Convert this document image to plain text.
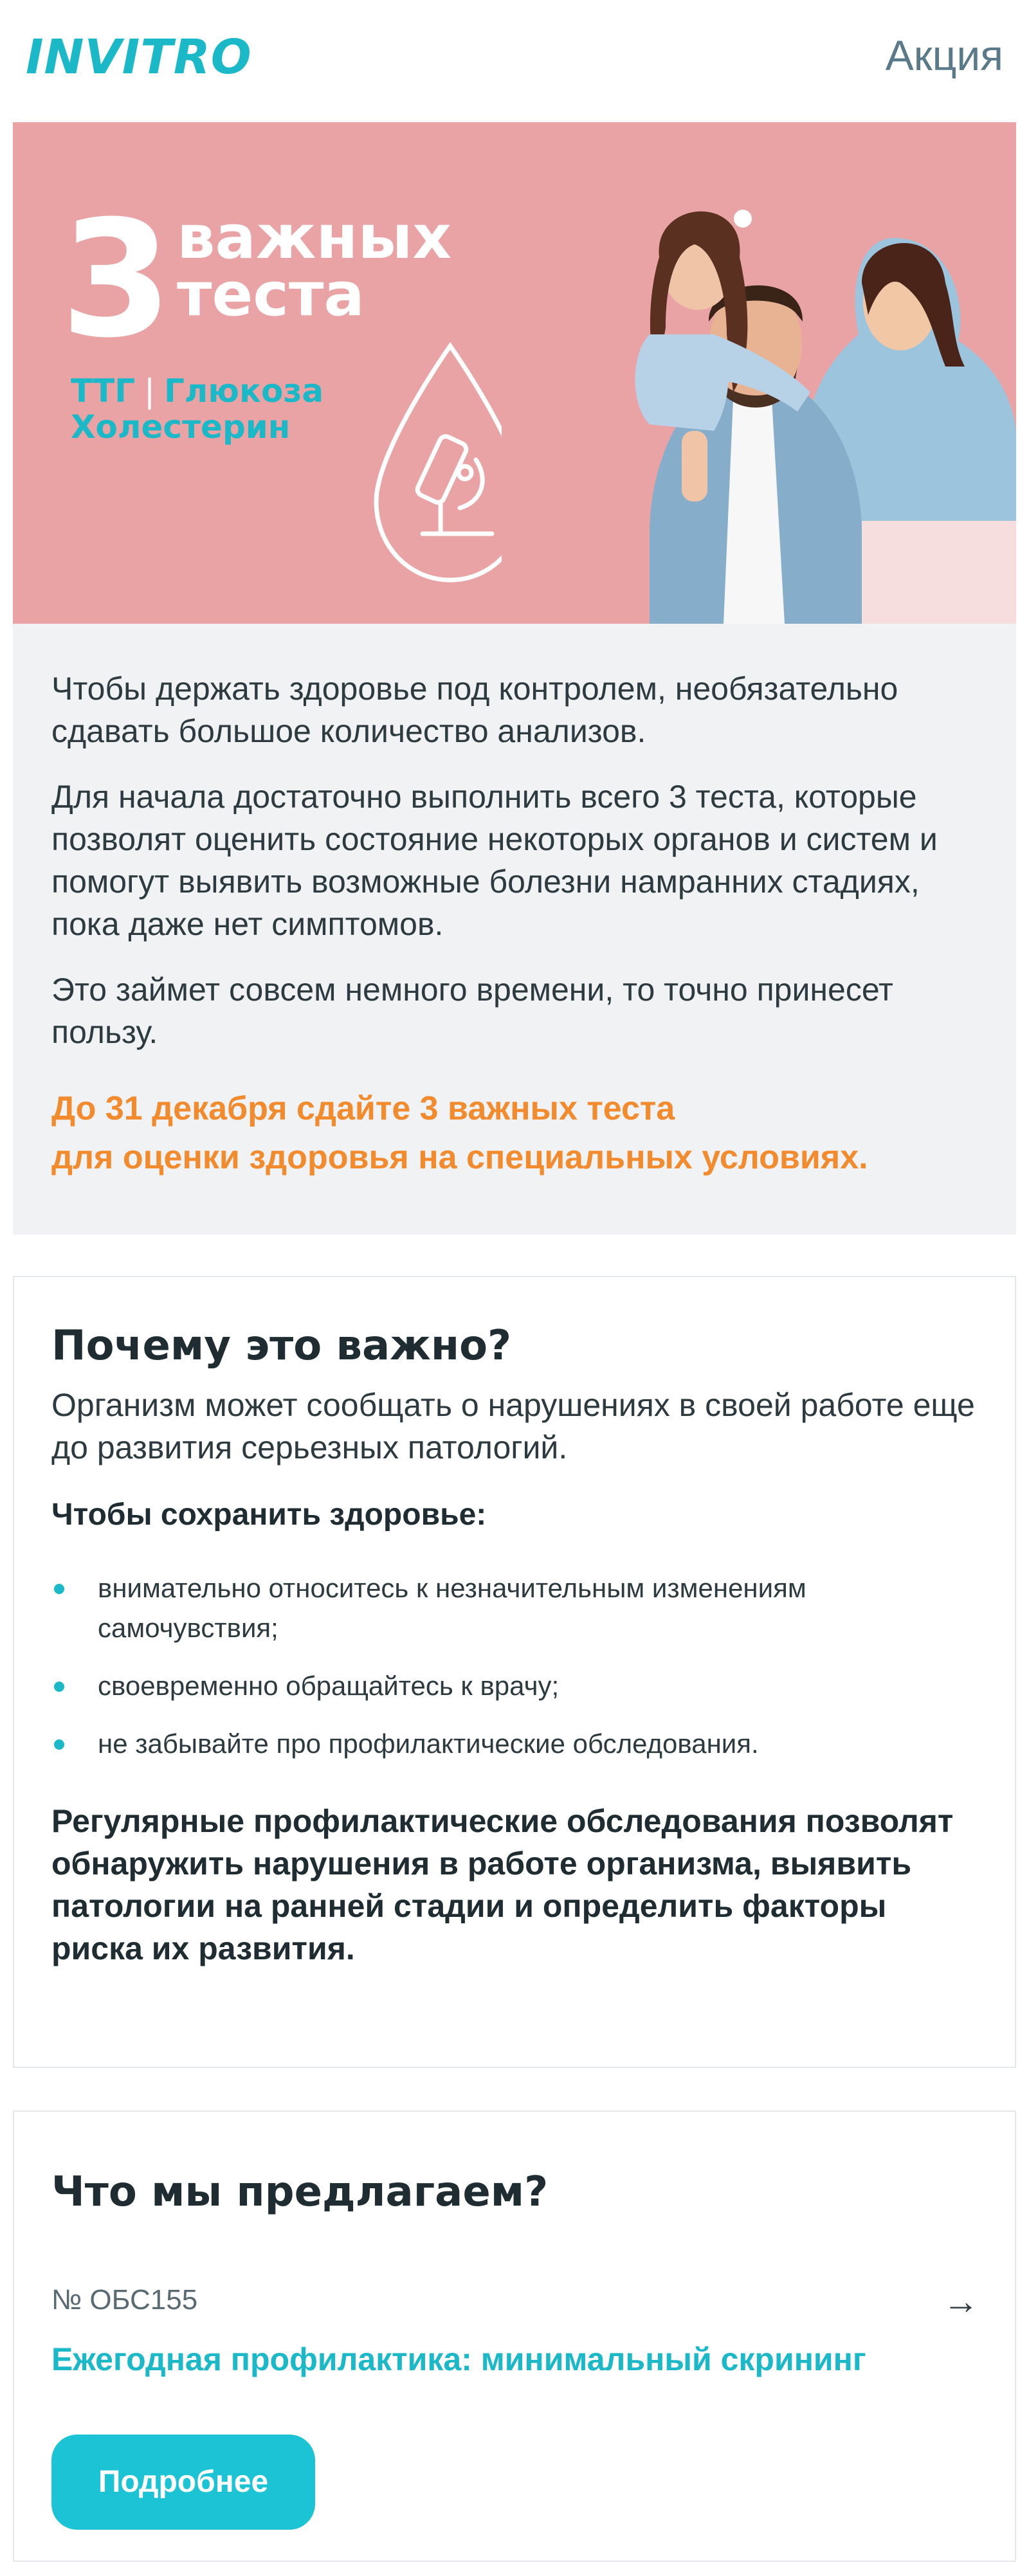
INVITRO	Акция
3 важных
теста
ТТГ | Глюкоза
Холестерин

Чтобы держать здоровье под контролем, необязательно сдавать большое количество анализов.

Для начала достаточно выполнить всего 3 теста, которые позволят оценить состояние некоторых органов и систем и помогут выявить возможные болезни намранних стадиях, пока даже нет симптомов.

Это займет совсем немного времени, то точно принесет пользу.

До 31 декабря сдайте 3 важных теста
для оценки здоровья на специальных условиях.
Почему это важно?
Организм может сообщать о нарушениях в своей работе еще до развития серьезных патологий.
Чтобы сохранить здоровье:
внимательно относитесь к незначительным изменениям самочувствия;
своевременно обращайтесь к врачу;
не забывайте про профилактические обследования.
Регулярные профилактические обследования позволят обнаружить нарушения в работе организма, выявить патологии на ранней стадии и определить факторы риска их развития.
Что мы предлагаем?
№ ОБС155	→
Ежегодная профилактика: минимальный скрининг
Подробнее
